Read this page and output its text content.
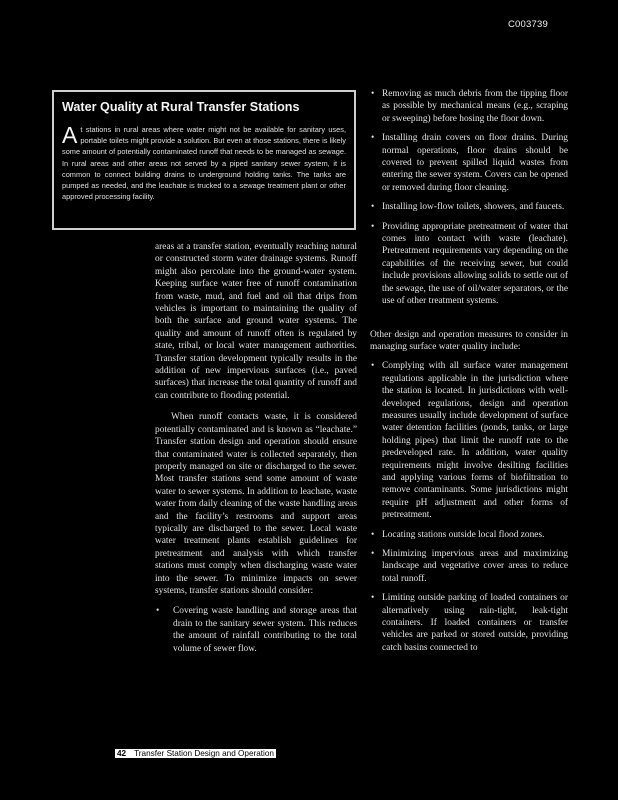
C003739
Water Quality at Rural Transfer Stations
A t stations in rural areas where water might not be available for sanitary uses, portable toilets might provide a solution. But even at those stations, there is likely some amount of potentially contaminated runoff that needs to be managed as sewage. In rural areas and other areas not served by a piped sanitary sewer system, it is common to connect building drains to underground holding tanks. The tanks are pumped as needed, and the leachate is trucked to a sewage treatment plant or other approved processing facility.

areas at a transfer station, eventually reaching natural or constructed storm water drainage systems. Runoff might also percolate into the ground-water system. Keeping surface water free of runoff contamination from waste, mud, and fuel and oil that drips from vehicles is important to maintaining the quality of both the surface and ground water systems. The quality and amount of runoff often is regulated by state, tribal, or local water management authorities. Transfer station development typically results in the addition of new impervious surfaces (i.e., paved surfaces) that increase the total quantity of runoff and can contribute to flooding potential.

When runoff contacts waste, it is considered potentially contaminated and is known as “leachate.” Transfer station design and operation should ensure that contaminated water is collected separately, then properly managed on site or discharged to the sewer. Most transfer stations send some amount of waste water to sewer systems. In addition to leachate, waste water from daily cleaning of the waste handling areas and the facility’s restrooms and support areas typically are discharged to the sewer. Local waste water treatment plants establish guidelines for pretreatment and analysis with which transfer stations must comply when discharging waste water into the sewer. To minimize impacts on sewer systems, transfer stations should consider:

• Covering waste handling and storage areas that drain to the sanitary sewer system. This reduces the amount of rainfall contributing to the total volume of sewer flow.
• Removing as much debris from the tipping floor as possible by mechanical means (e.g., scraping or sweeping) before hosing the floor down.
• Installing drain covers on floor drains. During normal operations, floor drains should be covered to prevent spilled liquid wastes from entering the sewer system. Covers can be opened or removed during floor cleaning.
• Installing low-flow toilets, showers, and faucets.
• Providing appropriate pretreatment of water that comes into contact with waste (leachate). Pretreatment requirements vary depending on the capabilities of the receiving sewer, but could include provisions allowing solids to settle out of the sewage, the use of oil/water separators, or the use of other treatment systems.

Other design and operation measures to consider in managing surface water quality include:

• Complying with all surface water management regulations applicable in the jurisdiction where the station is located. In jurisdictions with well-developed regulations, design and operation measures usually include development of surface water detention facilities (ponds, tanks, or large holding pipes) that limit the runoff rate to the predeveloped rate. In addition, water quality requirements might involve desilting facilities and applying various forms of biofiltration to remove contaminants. Some jurisdictions might require pH adjustment and other forms of pretreatment.
• Locating stations outside local flood zones.
• Minimizing impervious areas and maximizing landscape and vegetative cover areas to reduce total runoff.
• Limiting outside parking of loaded containers or alternatively using rain-tight, leak-tight containers. If loaded containers or transfer vehicles are parked or stored outside, providing catch basins connected to
42 Transfer Station Design and Operation
